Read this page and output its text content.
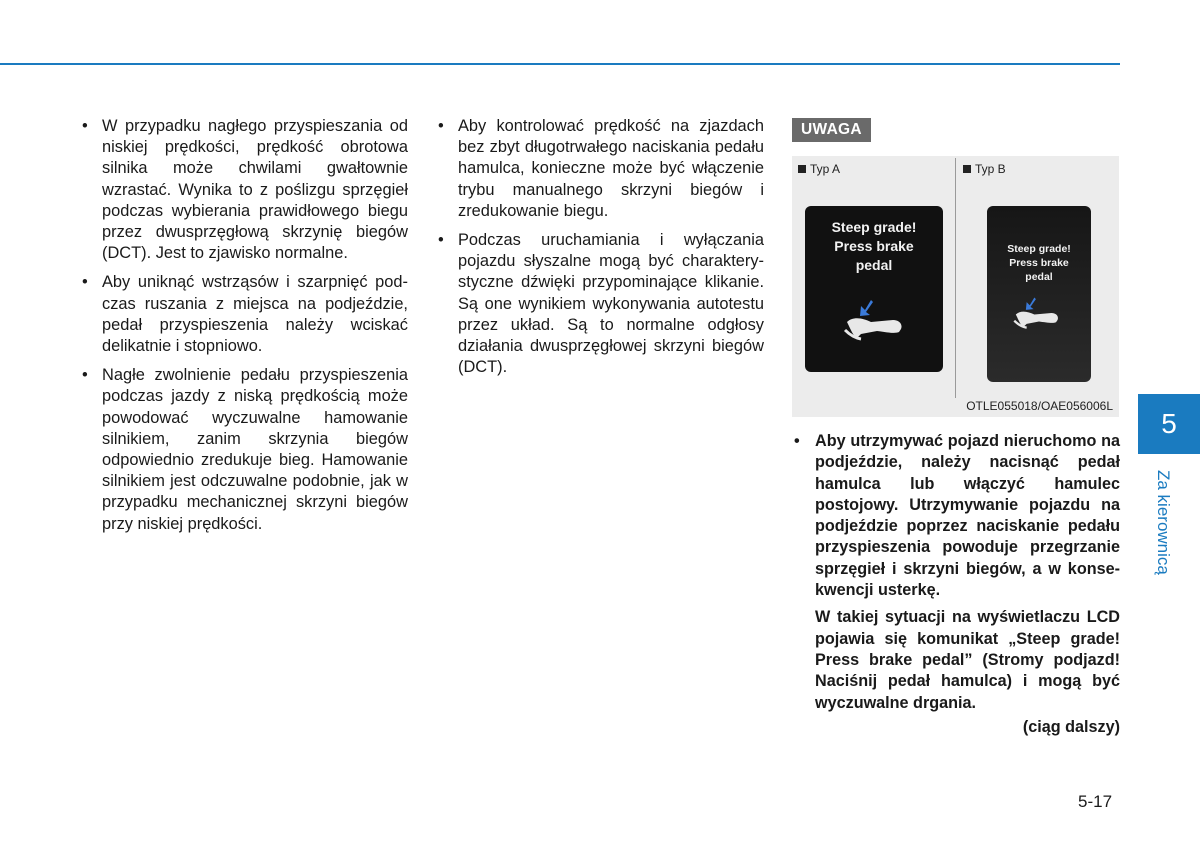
• W przypadku nagłego przyspieszania od niskiej prędkości, prędkość obrotowa silnika może chwilami gwałtownie wzrastać. Wynika to z poślizgu sprzęgieł podczas wybierania prawidłowego biegu przez dwusprzęgłową skrzynię biegów (DCT). Jest to zjawisko normalne.
• Aby uniknąć wstrząsów i szarpnięć podczas ruszania z miejsca na podjeździe, pedał przyspieszenia należy wciskać delikatnie i stopniowo.
• Nagłe zwolnienie pedału przyspieszenia podczas jazdy z niską prędkością może powodować wyczuwalne hamowanie silnikiem, zanim skrzynia biegów odpowiednio zredukuje bieg. Hamowanie silnikiem jest odczuwalne podobnie, jak w przypadku mechanicznej skrzyni biegów przy niskiej prędkości.
• Aby kontrolować prędkość na zjazdach bez zbyt długotrwałego naciskania pedału hamulca, konieczne może być włączenie trybu manualnego skrzyni biegów i zredukowanie biegu.
• Podczas uruchamiania i wyłączania pojazdu słyszalne mogą być charakterystyczne dźwięki przypominające klikanie. Są one wynikiem wykonywania autotestu przez układ. Są to normalne odgłosy działania dwusprzęgłowej skrzyni biegów (DCT).
UWAGA
Typ A	Typ B
Steep grade!
Press brake
pedal
Steep grade!
Press brake
pedal
OTLE055018/OAE056006L

• Aby utrzymywać pojazd nieruchomo na podjeździe, należy nacisnąć pedał hamulca lub włączyć hamulec postojowy. Utrzymywanie pojazdu na podjeździe poprzez naciskanie pedału przyspieszenia powoduje przegrzanie sprzęgieł i skrzyni biegów, a w konsekwencji usterkę.

W takiej sytuacji na wyświetlaczu LCD pojawia się komunikat „Steep grade! Press brake pedal” (Stromy podjazd! Naciśnij pedał hamulca) i mogą być wyczuwalne drgania.

(ciąg dalszy)
5
Za kierownicą
5-17
